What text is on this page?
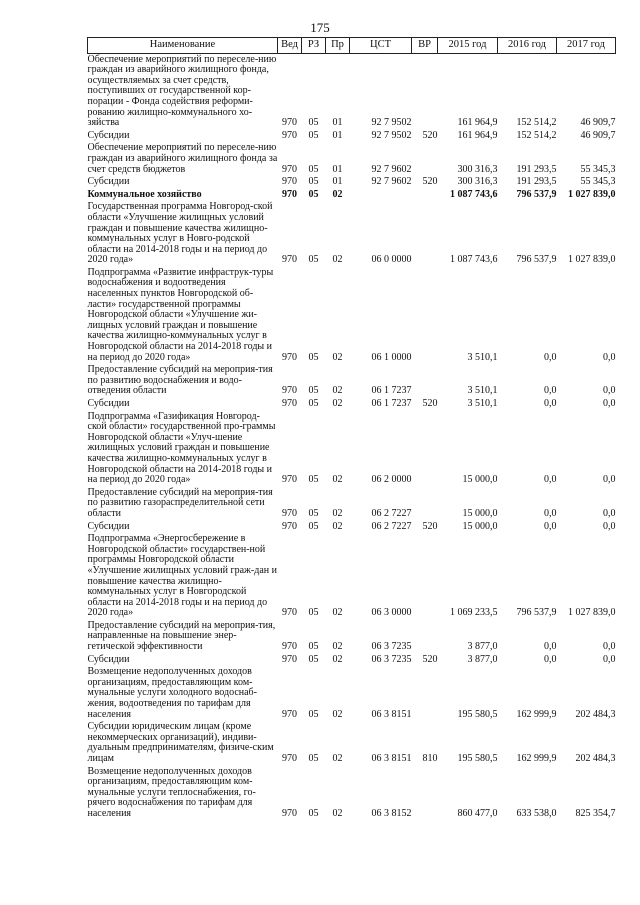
175
Наименование	Вед	РЗ	Пр	ЦСТ	ВР	2015 год	2016 год	2017 год
Обеспечение мероприятий по переселе-нию граждан из аварийного жилищного фонда, осуществляемых за счет средств, поступивших от государственной кор-порации - Фонда содействия реформи-рованию жилищно-коммунального хо-зяйства	970	05	01	92 7 9502		161 964,9	152 514,2	46 909,7
Субсидии	970	05	01	92 7 9502	520	161 964,9	152 514,2	46 909,7
Обеспечение мероприятий по переселе-нию граждан из аварийного жилищного фонда за счет средств бюджетов	970	05	01	92 7 9602		300 316,3	191 293,5	55 345,3
Субсидии	970	05	01	92 7 9602	520	300 316,3	191 293,5	55 345,3
Коммунальное хозяйство	970	05	02			1 087 743,6	796 537,9	1 027 839,0
Государственная программа Новгород-ской области «Улучшение жилищных условий граждан и повышение качества жилищно-коммунальных услуг в Новго-родской области на 2014-2018 годы и на период до 2020 года»	970	05	02	06 0 0000		1 087 743,6	796 537,9	1 027 839,0
Подпрограмма «Развитие инфраструк-туры водоснабжения и водоотведения населенных пунктов Новгородской об-ласти» государственной программы Новгородской области «Улучшение жи-лищных условий граждан и повышение качества жилищно-коммунальных услуг в Новгородской области на 2014-2018 годы и на период до 2020 года»	970	05	02	06 1 0000		3 510,1	0,0	0,0
Предоставление субсидий на мероприя-тия по развитию водоснабжения и водо-отведения области	970	05	02	06 1 7237		3 510,1	0,0	0,0
Субсидии	970	05	02	06 1 7237	520	3 510,1	0,0	0,0
Подпрограмма «Газификация Новгород-ской области» государственной про-граммы Новгородской области «Улуч-шение жилищных условий граждан и повышение качества жилищно-коммунальных услуг в Новгородской области на 2014-2018 годы и на период до 2020 года»	970	05	02	06 2 0000		15 000,0	0,0	0,0
Предоставление субсидий на мероприя-тия по развитию газораспределительной сети области	970	05	02	06 2 7227		15 000,0	0,0	0,0
Субсидии	970	05	02	06 2 7227	520	15 000,0	0,0	0,0
Подпрограмма «Энергосбережение в Новгородской области» государствен-ной программы Новгородской области «Улучшение жилищных условий граж-дан и повышение качества жилищно-коммунальных услуг в Новгородской области на 2014-2018 годы и на период до 2020 года»	970	05	02	06 3 0000		1 069 233,5	796 537,9	1 027 839,0
Предоставление субсидий на мероприя-тия, направленные на повышение энер-гетической эффективности	970	05	02	06 3 7235		3 877,0	0,0	0,0
Субсидии	970	05	02	06 3 7235	520	3 877,0	0,0	0,0
Возмещение недополученных доходов организациям, предоставляющим ком-мунальные услуги холодного водоснаб-жения, водоотведения по тарифам для населения	970	05	02	06 3 8151		195 580,5	162 999,9	202 484,3
Субсидии юридическим лицам (кроме некоммерческих организаций), индиви-дуальным предпринимателям, физиче-ским лицам	970	05	02	06 3 8151	810	195 580,5	162 999,9	202 484,3
Возмещение недополученных доходов организациям, предоставляющим ком-мунальные услуги теплоснабжения, го-рячего водоснабжения по тарифам для населения	970	05	02	06 3 8152		860 477,0	633 538,0	825 354,7
